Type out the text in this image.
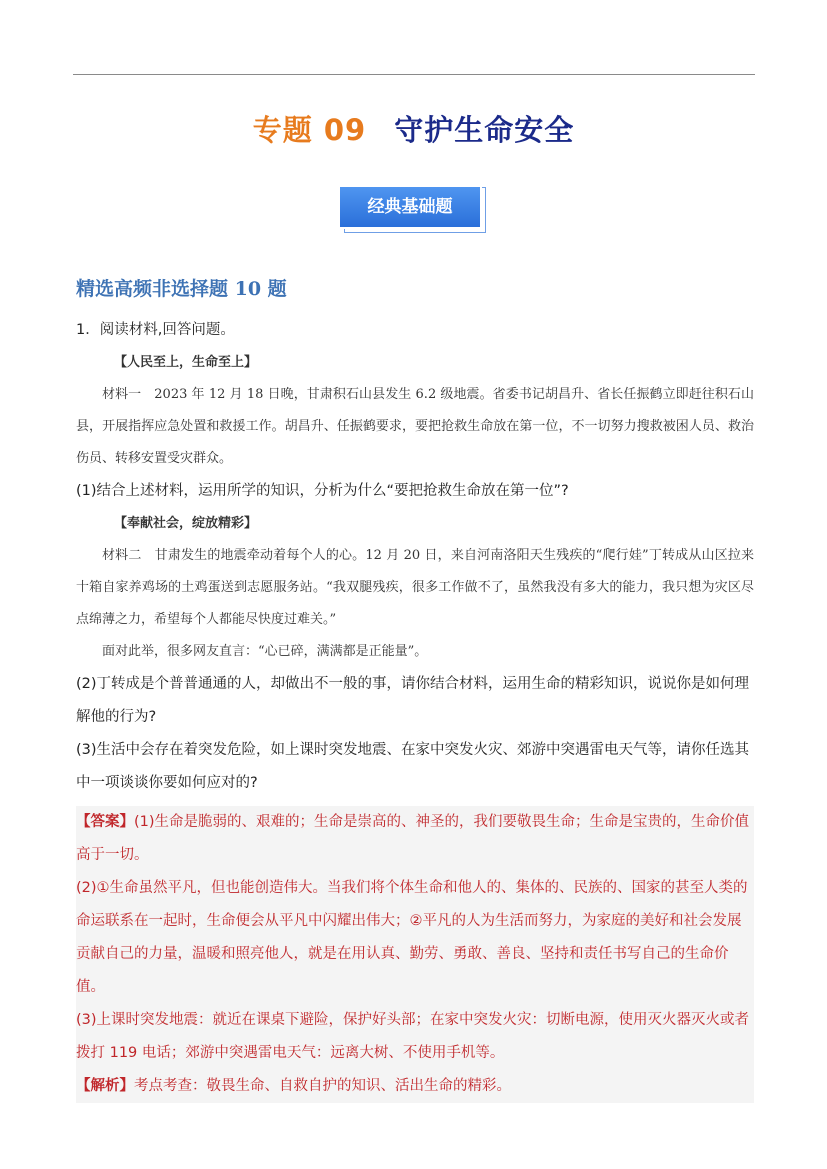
专题 09 守护生命安全
经典基础题
精选高频非选择题 10 题

1．阅读材料,回答问题。

【人民至上，生命至上】

材料一　2023 年 12 月 18 日晚，甘肃积石山县发生 6.2 级地震。省委书记胡昌升、省长任振鹤立即赶往积石山县，开展指挥应急处置和救援工作。胡昌升、任振鹤要求，要把抢救生命放在第一位，不一切努力搜救被困人员、救治伤员、转移安置受灾群众。

(1)结合上述材料，运用所学的知识，分析为什么“要把抢救生命放在第一位”?

【奉献社会，绽放精彩】

材料二　甘肃发生的地震牵动着每个人的心。12 月 20 日，来自河南洛阳天生残疾的“爬行娃”丁转成从山区拉来十箱自家养鸡场的土鸡蛋送到志愿服务站。“我双腿残疾，很多工作做不了，虽然我没有多大的能力，我只想为灾区尽点绵薄之力，希望每个人都能尽快度过难关。”

面对此举，很多网友直言：“心已碎，满满都是正能量”。

(2)丁转成是个普普通通的人，却做出不一般的事，请你结合材料，运用生命的精彩知识，说说你是如何理解他的行为?

(3)生活中会存在着突发危险，如上课时突发地震、在家中突发火灾、郊游中突遇雷电天气等，请你任选其中一项谈谈你要如何应对的?

【答案】(1)生命是脆弱的、艰难的；生命是崇高的、神圣的，我们要敬畏生命；生命是宝贵的，生命价值高于一切。

(2)①生命虽然平凡，但也能创造伟大。当我们将个体生命和他人的、集体的、民族的、国家的甚至人类的命运联系在一起时，生命便会从平凡中闪耀出伟大；②平凡的人为生活而努力，为家庭的美好和社会发展贡献自己的力量，温暖和照亮他人，就是在用认真、勤劳、勇敢、善良、坚持和责任书写自己的生命价值。

(3)上课时突发地震：就近在课桌下避险，保护好头部；在家中突发火灾：切断电源，使用灭火器灭火或者拨打 119 电话；郊游中突遇雷电天气：远离大树、不使用手机等。

【解析】考点考查：敬畏生命、自救自护的知识、活出生命的精彩。
